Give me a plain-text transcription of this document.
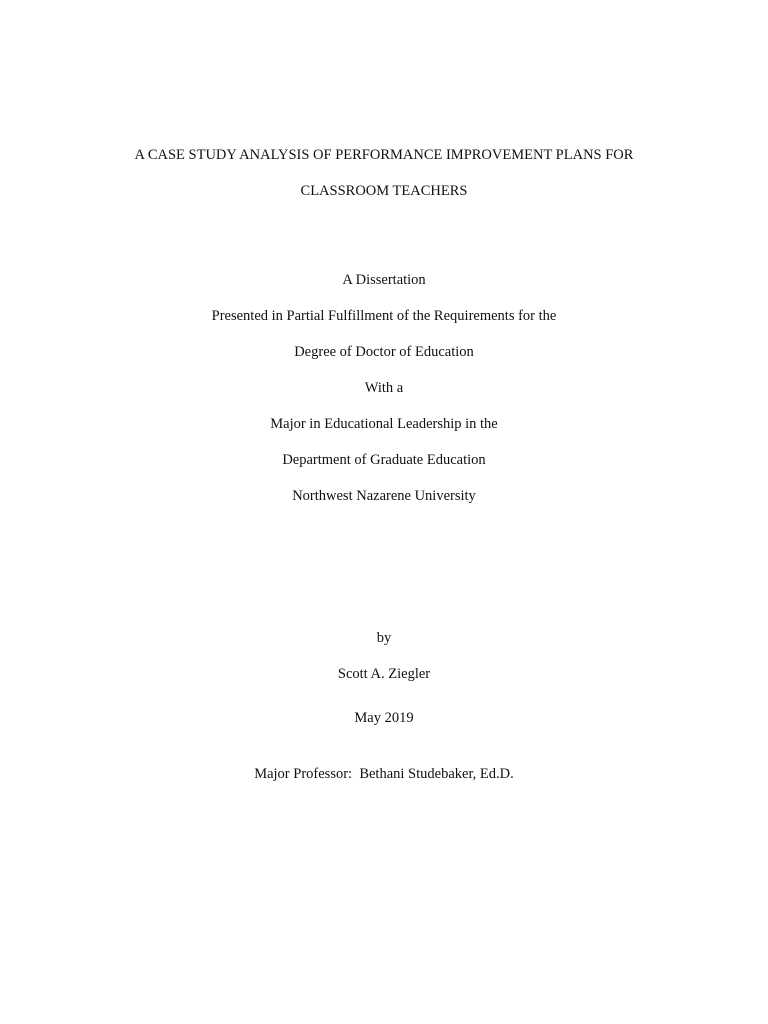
A CASE STUDY ANALYSIS OF PERFORMANCE IMPROVEMENT PLANS FOR
CLASSROOM TEACHERS
A Dissertation
Presented in Partial Fulfillment of the Requirements for the
Degree of Doctor of Education
With a
Major in Educational Leadership in the
Department of Graduate Education
Northwest Nazarene University
by
Scott A. Ziegler
May 2019
Major Professor:  Bethani Studebaker, Ed.D.
